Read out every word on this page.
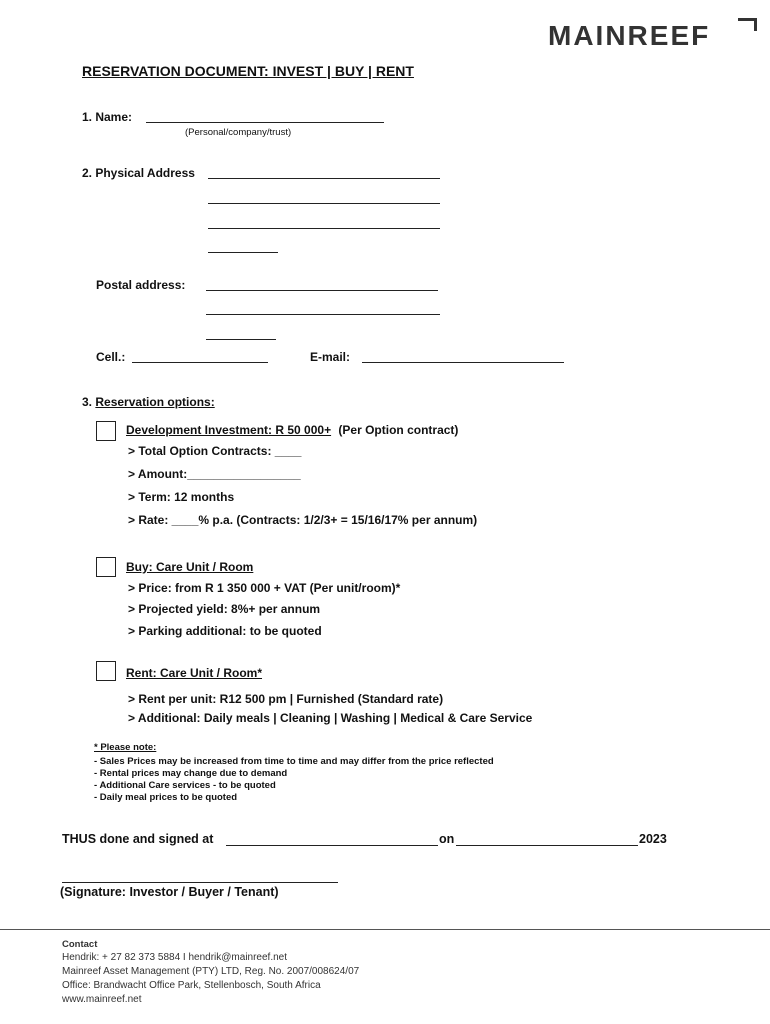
MAINREEF
RESERVATION DOCUMENT: INVEST | BUY | RENT
1. Name:
(Personal/company/trust)
2. Physical Address
Postal address:
Cell.:	E-mail:
3. Reservation options:
Development Investment: R 50 000+ (Per Option contract)
> Total Option Contracts: ____
> Amount:_________________
> Term: 12 months
> Rate: ____% p.a. (Contracts: 1/2/3+ = 15/16/17% per annum)
Buy: Care Unit / Room
> Price: from R 1 350 000 + VAT (Per unit/room)*
> Projected yield: 8%+ per annum
> Parking additional: to be quoted
Rent: Care Unit / Room*
> Rent per unit: R12 500 pm | Furnished (Standard rate)
> Additional: Daily meals | Cleaning | Washing | Medical & Care Service
* Please note:
- Sales Prices may be increased from time to time and may differ from the price reflected
- Rental prices may change due to demand
- Additional Care services - to be quoted
- Daily meal prices to be quoted
THUS done and signed at	on	2023
(Signature: Investor / Buyer / Tenant)
Contact
Hendrik: + 27 82 373 5884 I hendrik@mainreef.net
Mainreef Asset Management (PTY) LTD, Reg. No. 2007/008624/07
Office: Brandwacht Office Park, Stellenbosch, South Africa
www.mainreef.net
